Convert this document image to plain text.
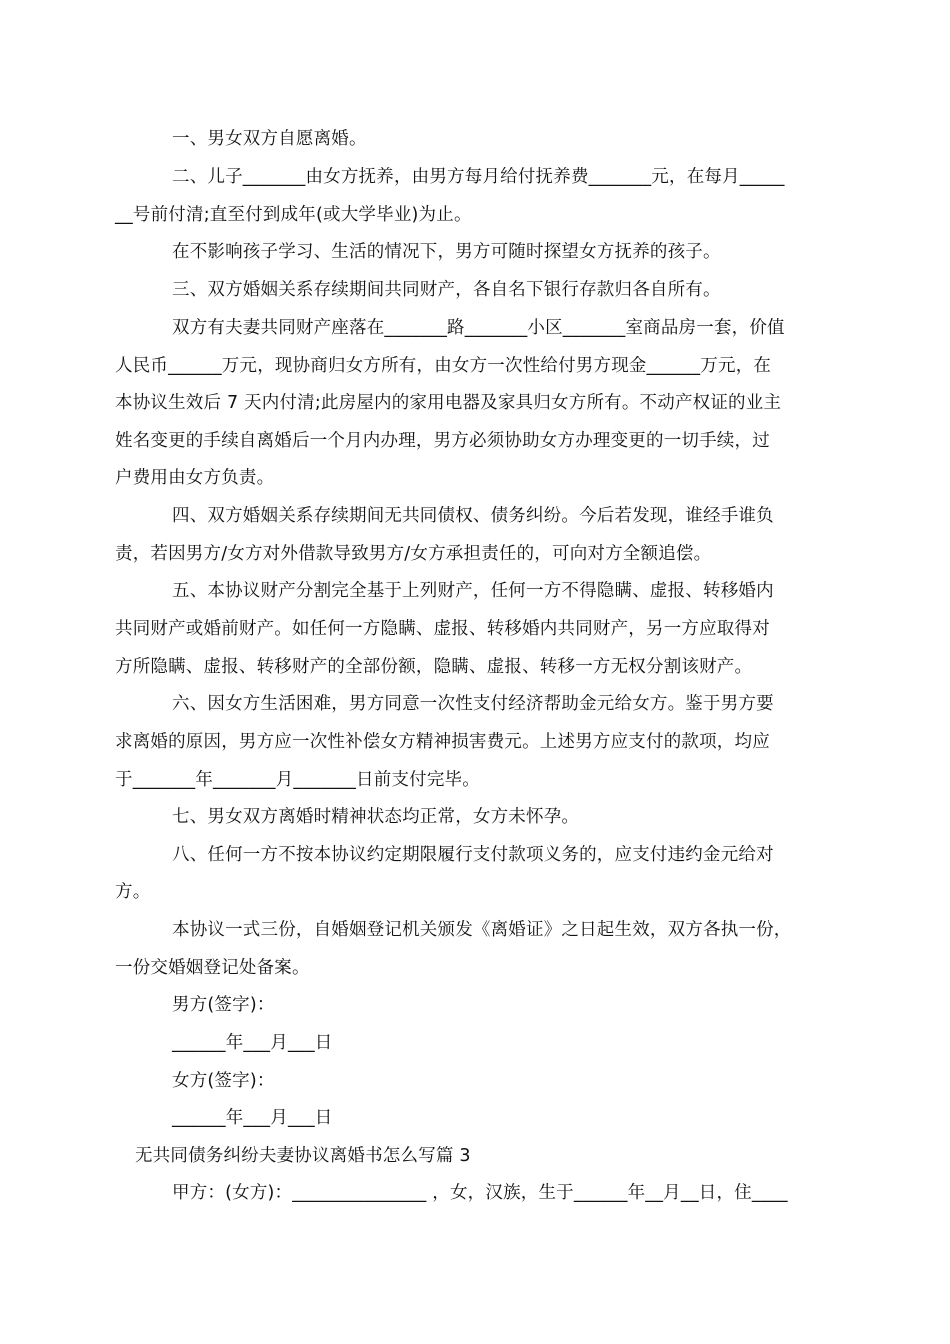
一、男女双方自愿离婚。
二、儿子_______由女方抚养，由男方每月给付抚养费_______元，在每月_____
__号前付清;直至付到成年(或大学毕业)为止。
在不影响孩子学习、生活的情况下，男方可随时探望女方抚养的孩子。
三、双方婚姻关系存续期间共同财产，各自名下银行存款归各自所有。
双方有夫妻共同财产座落在_______路_______小区_______室商品房一套，价值
人民币______万元，现协商归女方所有，由女方一次性给付男方现金______万元，在
本协议生效后 7 天内付清;此房屋内的家用电器及家具归女方所有。不动产权证的业主
姓名变更的手续自离婚后一个月内办理，男方必须协助女方办理变更的一切手续，过
户费用由女方负责。
四、双方婚姻关系存续期间无共同债权、债务纠纷。今后若发现，谁经手谁负
责，若因男方/女方对外借款导致男方/女方承担责任的，可向对方全额追偿。
五、本协议财产分割完全基于上列财产，任何一方不得隐瞒、虚报、转移婚内
共同财产或婚前财产。如任何一方隐瞒、虚报、转移婚内共同财产，另一方应取得对
方所隐瞒、虚报、转移财产的全部份额，隐瞒、虚报、转移一方无权分割该财产。
六、因女方生活困难，男方同意一次性支付经济帮助金元给女方。鉴于男方要
求离婚的原因，男方应一次性补偿女方精神损害费元。上述男方应支付的款项，均应
于_______年_______月_______日前支付完毕。
七、男女双方离婚时精神状态均正常，女方未怀孕。
八、任何一方不按本协议约定期限履行支付款项义务的，应支付违约金元给对
方。
本协议一式三份，自婚姻登记机关颁发《离婚证》之日起生效，双方各执一份，
一份交婚姻登记处备案。
男方(签字)：
______年___月___日
女方(签字)：
______年___月___日
无共同债务纠纷夫妻协议离婚书怎么写篇 3
甲方：(女方)：_______________ ，女，汉族，生于______年__月__日，住____
